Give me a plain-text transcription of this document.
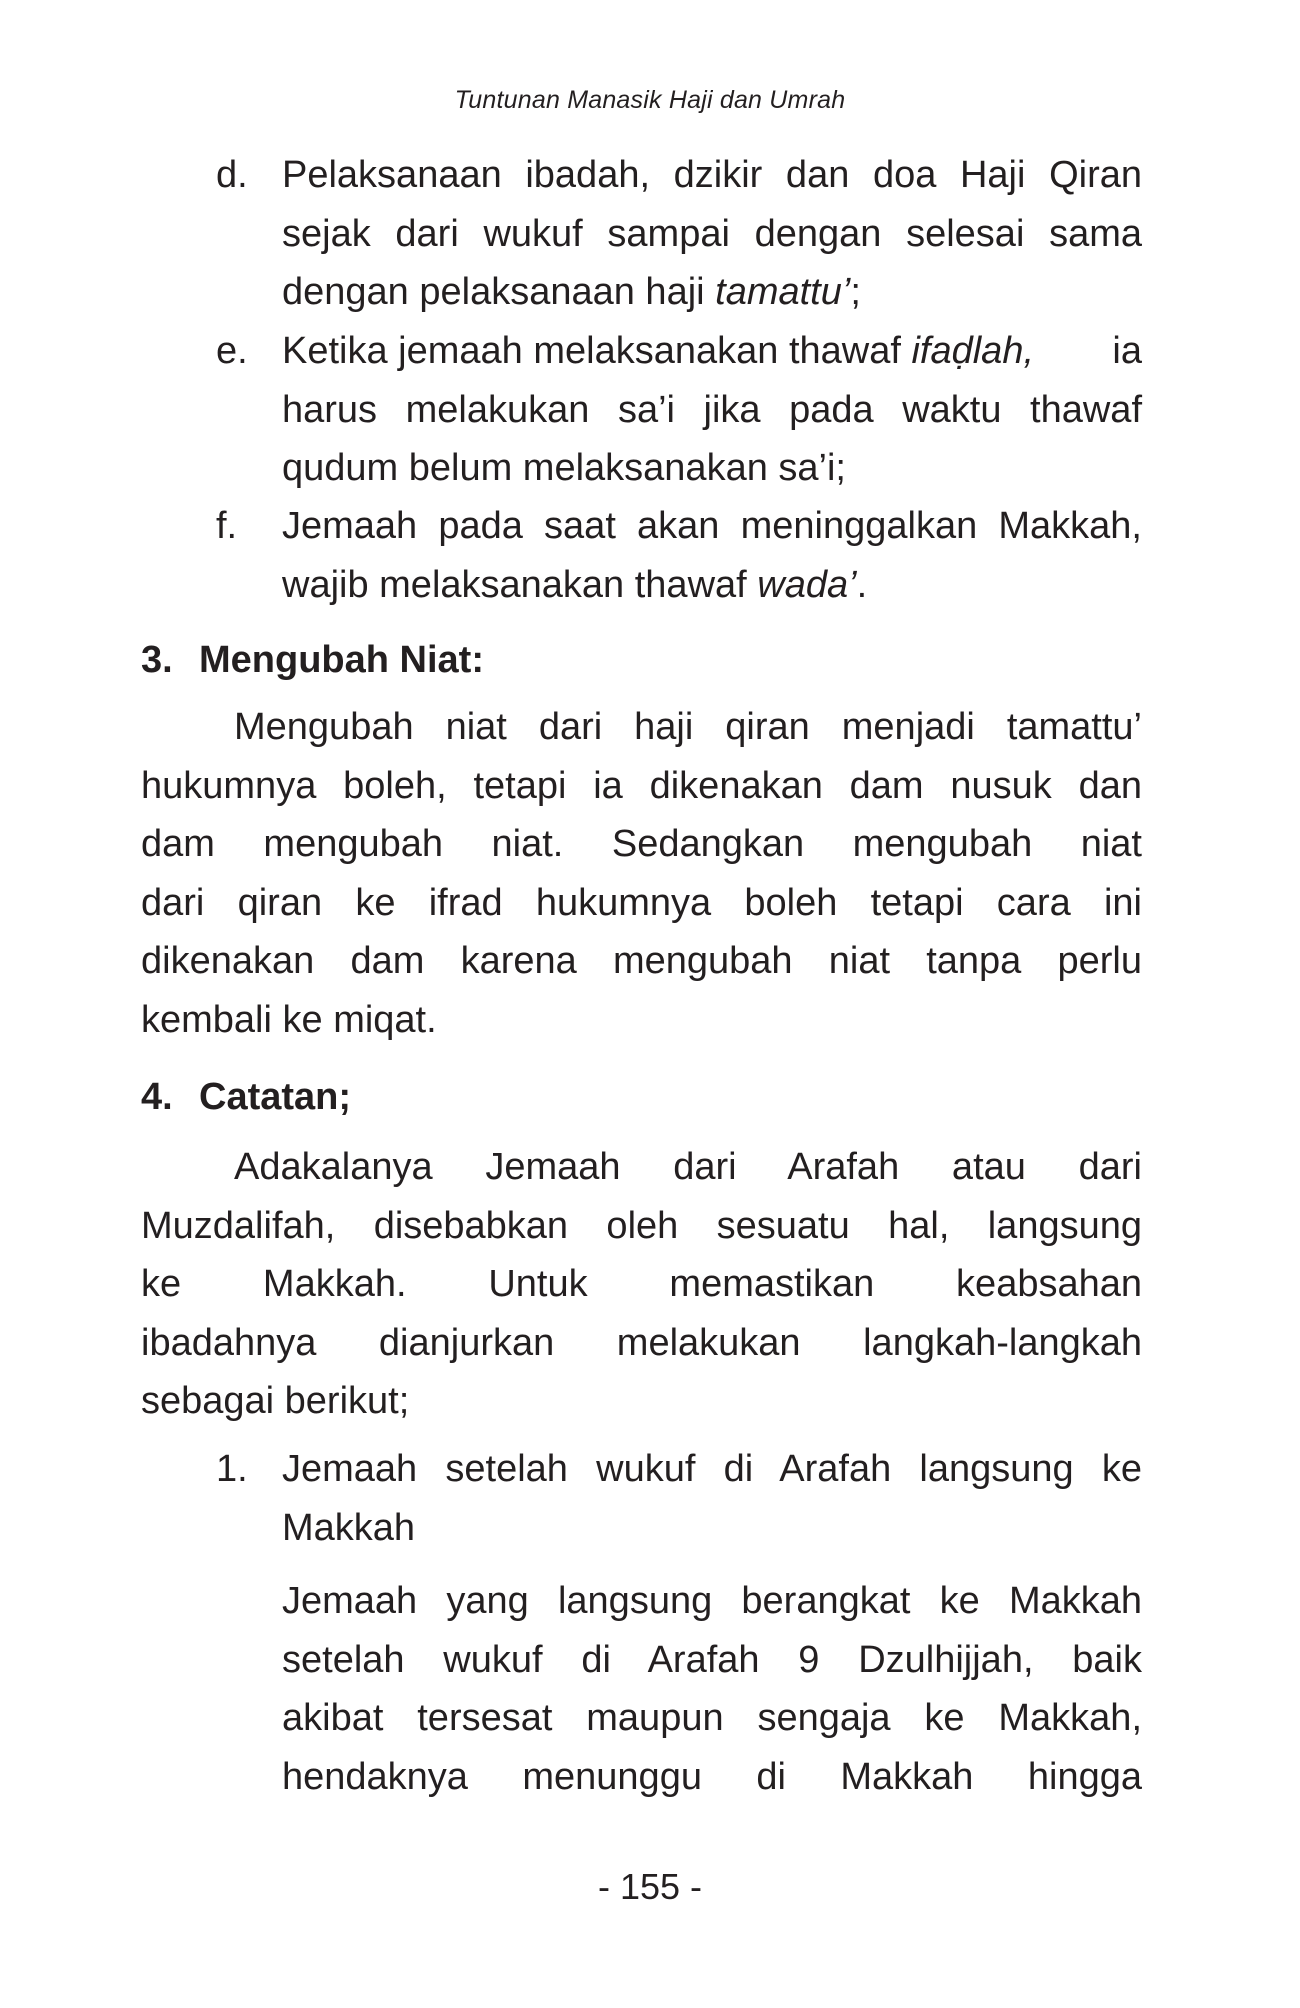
Tuntunan Manasik Haji dan Umrah
d. Pelaksanaan ibadah, dzikir dan doa Haji Qiran
sejak dari wukuf sampai dengan selesai sama
dengan pelaksanaan haji tamattu’;
e. Ketika jemaah melaksanakan thawaf ifaḍlah, ia
harus melakukan sa’i jika pada waktu thawaf
qudum belum melaksanakan sa’i;
f.	Jemaah pada saat akan meninggalkan Makkah,
wajib melaksanakan thawaf wada’.
3. Mengubah Niat:
Mengubah niat dari haji qiran menjadi tamattu’
hukumnya boleh, tetapi ia dikenakan dam nusuk dan
dam mengubah niat. Sedangkan mengubah niat
dari qiran ke ifrad hukumnya boleh tetapi cara ini
dikenakan dam karena mengubah niat tanpa perlu
kembali ke miqat.
4. Catatan;
Adakalanya Jemaah dari Arafah atau dari
Muzdalifah, disebabkan oleh sesuatu hal, langsung
ke Makkah. Untuk memastikan keabsahan
ibadahnya dianjurkan melakukan langkah-langkah
sebagai berikut;
1. Jemaah setelah wukuf di Arafah langsung ke
Makkah
Jemaah yang langsung berangkat ke Makkah
setelah wukuf di Arafah 9 Dzulhijjah, baik
akibat tersesat maupun sengaja ke Makkah,
hendaknya menunggu di Makkah hingga
- 155 -
